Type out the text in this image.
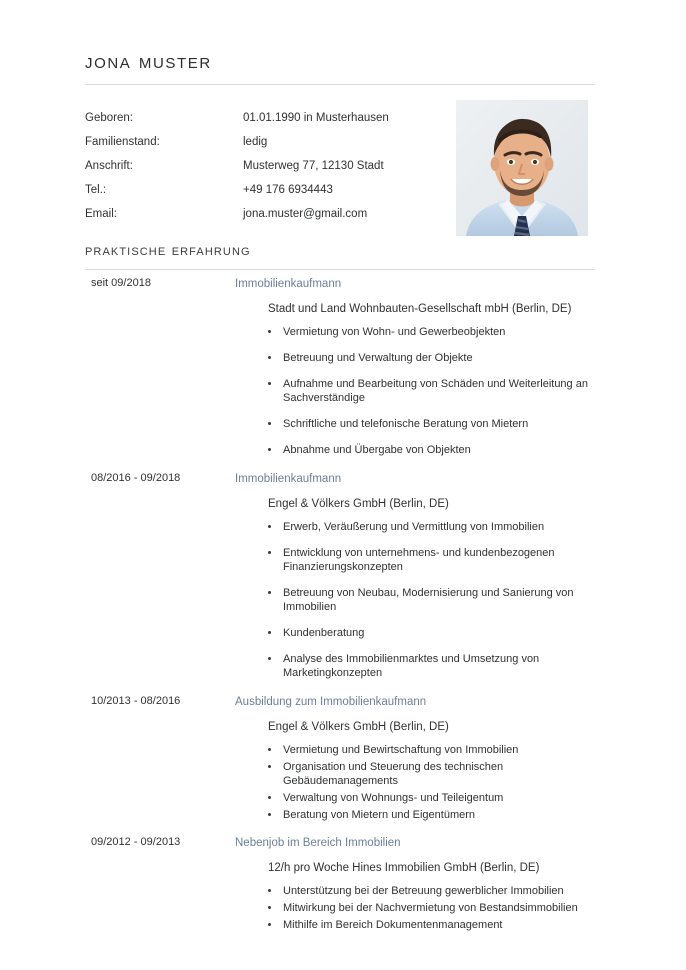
jona muster
Geboren:	01.01.1990 in Musterhausen
Familienstand:	ledig
Anschrift:	Musterweg 77, 12130 Stadt
Tel.:	+49 176 6934443
Email:	jona.muster@gmail.com
praktische erfahrung
seit 09/2018	Immobilienkaufmann
Stadt und Land Wohnbauten-Gesellschaft mbH (Berlin, DE)
Vermietung von Wohn- und Gewerbeobjekten
Betreuung und Verwaltung der Objekte
Aufnahme und Bearbeitung von Schäden und Weiterleitung an Sachverständige
Schriftliche und telefonische Beratung von Mietern
Abnahme und Übergabe von Objekten
08/2016 - 09/2018	Immobilienkaufmann
Engel & Völkers GmbH (Berlin, DE)
Erwerb, Veräußerung und Vermittlung von Immobilien
Entwicklung von unternehmens- und kundenbezogenen Finanzierungskonzepten
Betreuung von Neubau, Modernisierung und Sanierung von Immobilien
Kundenberatung
Analyse des Immobilienmarktes und Umsetzung von Marketingkonzepten
10/2013 - 08/2016	Ausbildung zum Immobilienkaufmann
Engel & Völkers GmbH (Berlin, DE)
Vermietung und Bewirtschaftung von Immobilien
Organisation und Steuerung des technischen Gebäudemanagements
Verwaltung von Wohnungs- und Teileigentum
Beratung von Mietern und Eigentümern
09/2012 - 09/2013	Nebenjob im Bereich Immobilien
12/h pro Woche Hines Immobilien GmbH (Berlin, DE)
Unterstützung bei der Betreuung gewerblicher Immobilien
Mitwirkung bei der Nachvermietung von Bestandsimmobilien
Mithilfe im Bereich Dokumentenmanagement
